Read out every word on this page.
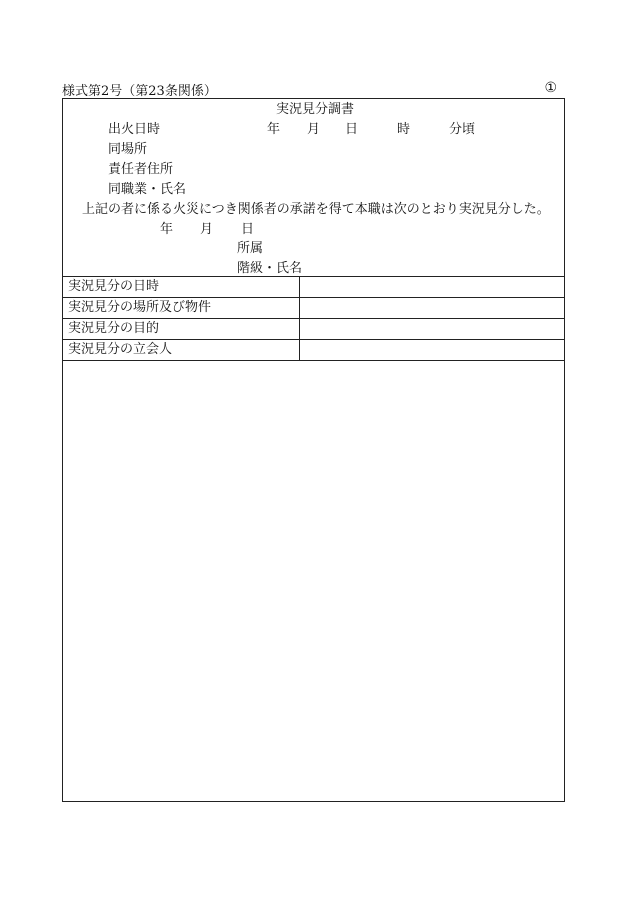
様式第2号（第23条関係）	①
実況見分調書
出火日時	年 月 日	時	分頃
同場所
責任者住所
同職業・氏名
上記の者に係る火災につき関係者の承諾を得て本職は次のとおり実況見分した。
年 月 日
所属
階級・氏名
実況見分の日時
実況見分の場所及び物件
実況見分の目的
実況見分の立会人
